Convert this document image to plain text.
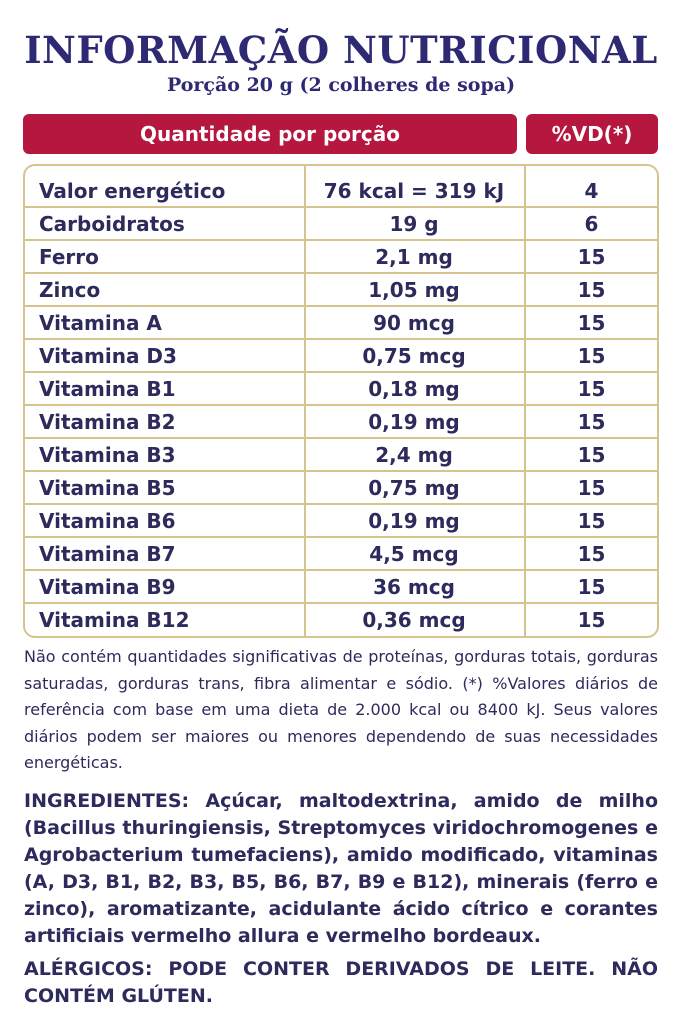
INFORMAÇÃO NUTRICIONAL
Porção 20 g (2 colheres de sopa)
Quantidade por porção	%VD(*)
Valor energético	76 kcal = 319 kJ	4
Carboidratos	19 g	6
Ferro	2,1 mg	15
Zinco	1,05 mg	15
Vitamina A	90 mcg	15
Vitamina D3	0,75 mcg	15
Vitamina B1	0,18 mg	15
Vitamina B2	0,19 mg	15
Vitamina B3	2,4 mg	15
Vitamina B5	0,75 mg	15
Vitamina B6	0,19 mg	15
Vitamina B7	4,5 mcg	15
Vitamina B9	36 mcg	15
Vitamina B12	0,36 mcg	15
Não contém quantidades significativas de proteínas, gorduras totais, gorduras saturadas, gorduras trans, fibra alimentar e sódio. (*) %Valores diários de referência com base em uma dieta de 2.000 kcal ou 8400 kJ. Seus valores diários podem ser maiores ou menores dependendo de suas necessidades energéticas.
INGREDIENTES: Açúcar, maltodextrina, amido de milho (Bacillus thuringiensis, Streptomyces viridochromogenes e Agrobacterium tumefaciens), amido modificado, vitaminas (A, D3, B1, B2, B3, B5, B6, B7, B9 e B12), minerais (ferro e zinco), aromatizante, acidulante ácido cítrico e corantes artificiais vermelho allura e vermelho bordeaux.
ALÉRGICOS: PODE CONTER DERIVADOS DE LEITE. NÃO CONTÉM GLÚTEN.
